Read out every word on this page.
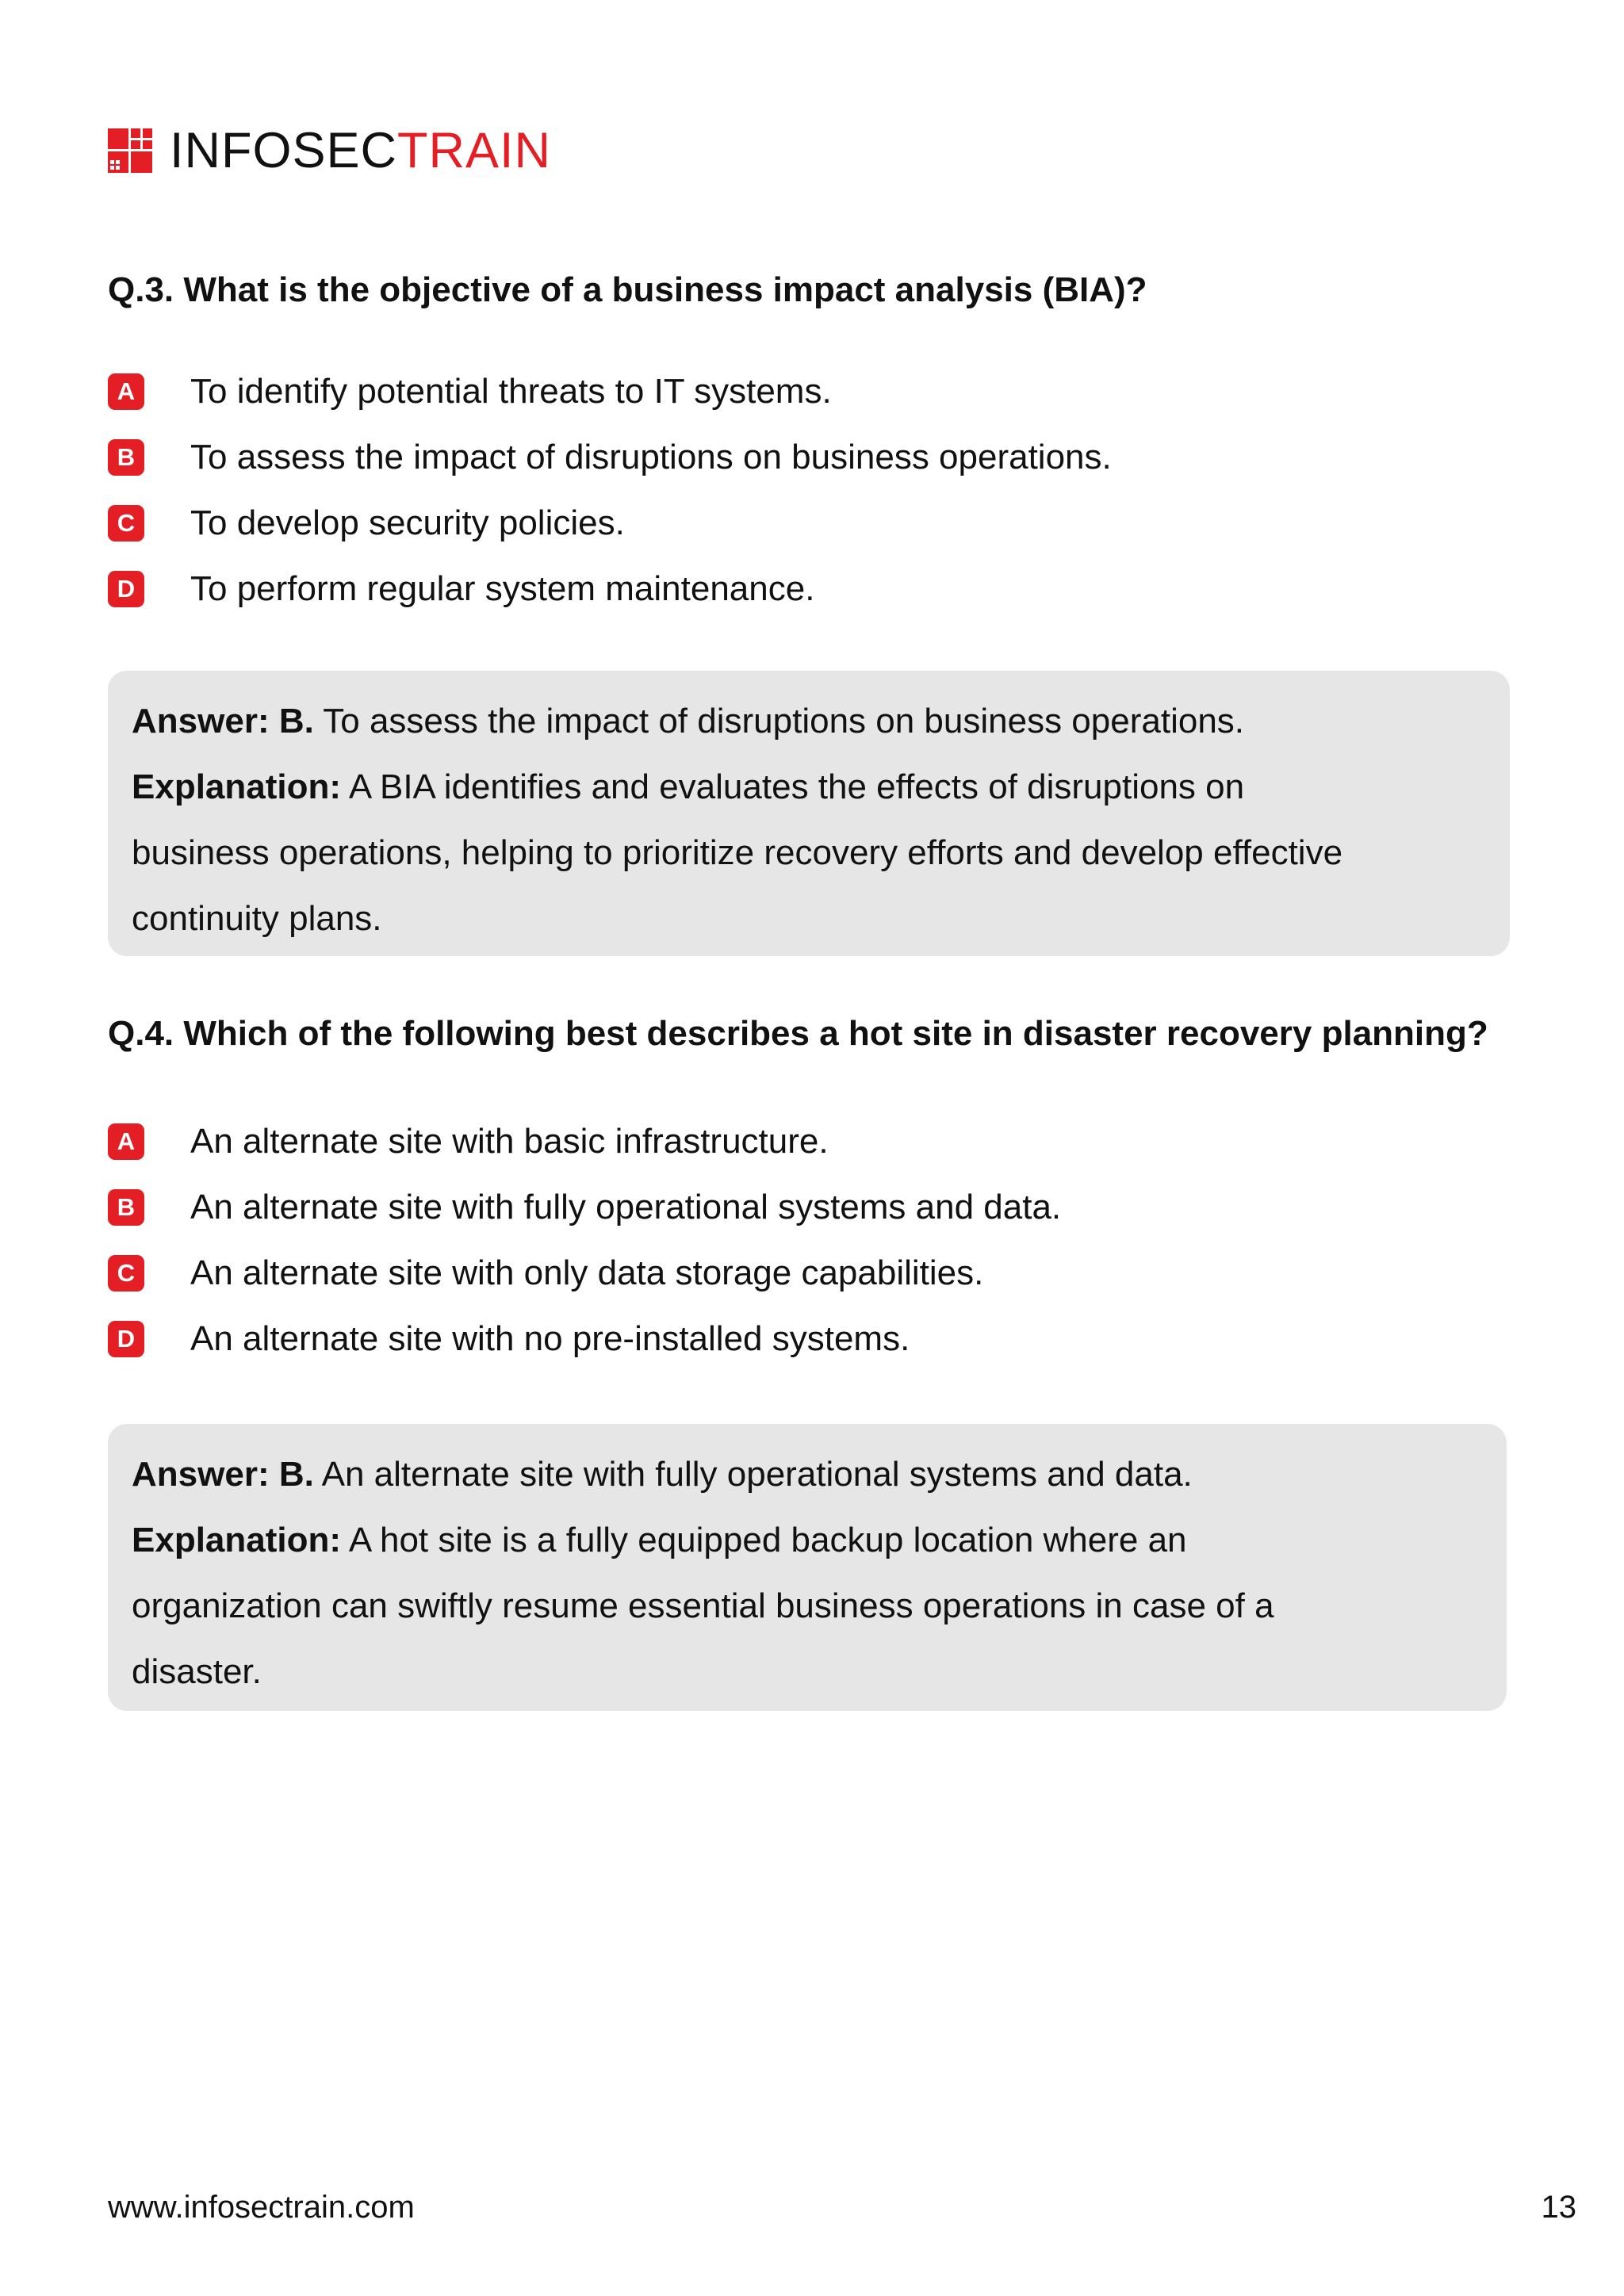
INFOSECTRAIN
Q.3. What is the objective of a business impact analysis (BIA)?
A To identify potential threats to IT systems.
B To assess the impact of disruptions on business operations.
C To develop security policies.
D To perform regular system maintenance.
Answer: B. To assess the impact of disruptions on business operations.
Explanation: A BIA identifies and evaluates the effects of disruptions on
business operations, helping to prioritize recovery efforts and develop effective
continuity plans.
Q.4. Which of the following best describes a hot site in disaster recovery planning?
A An alternate site with basic infrastructure.
B An alternate site with fully operational systems and data.
C An alternate site with only data storage capabilities.
D An alternate site with no pre-installed systems.
Answer: B. An alternate site with fully operational systems and data.
Explanation: A hot site is a fully equipped backup location where an
organization can swiftly resume essential business operations in case of a
disaster.
www.infosectrain.com	13
